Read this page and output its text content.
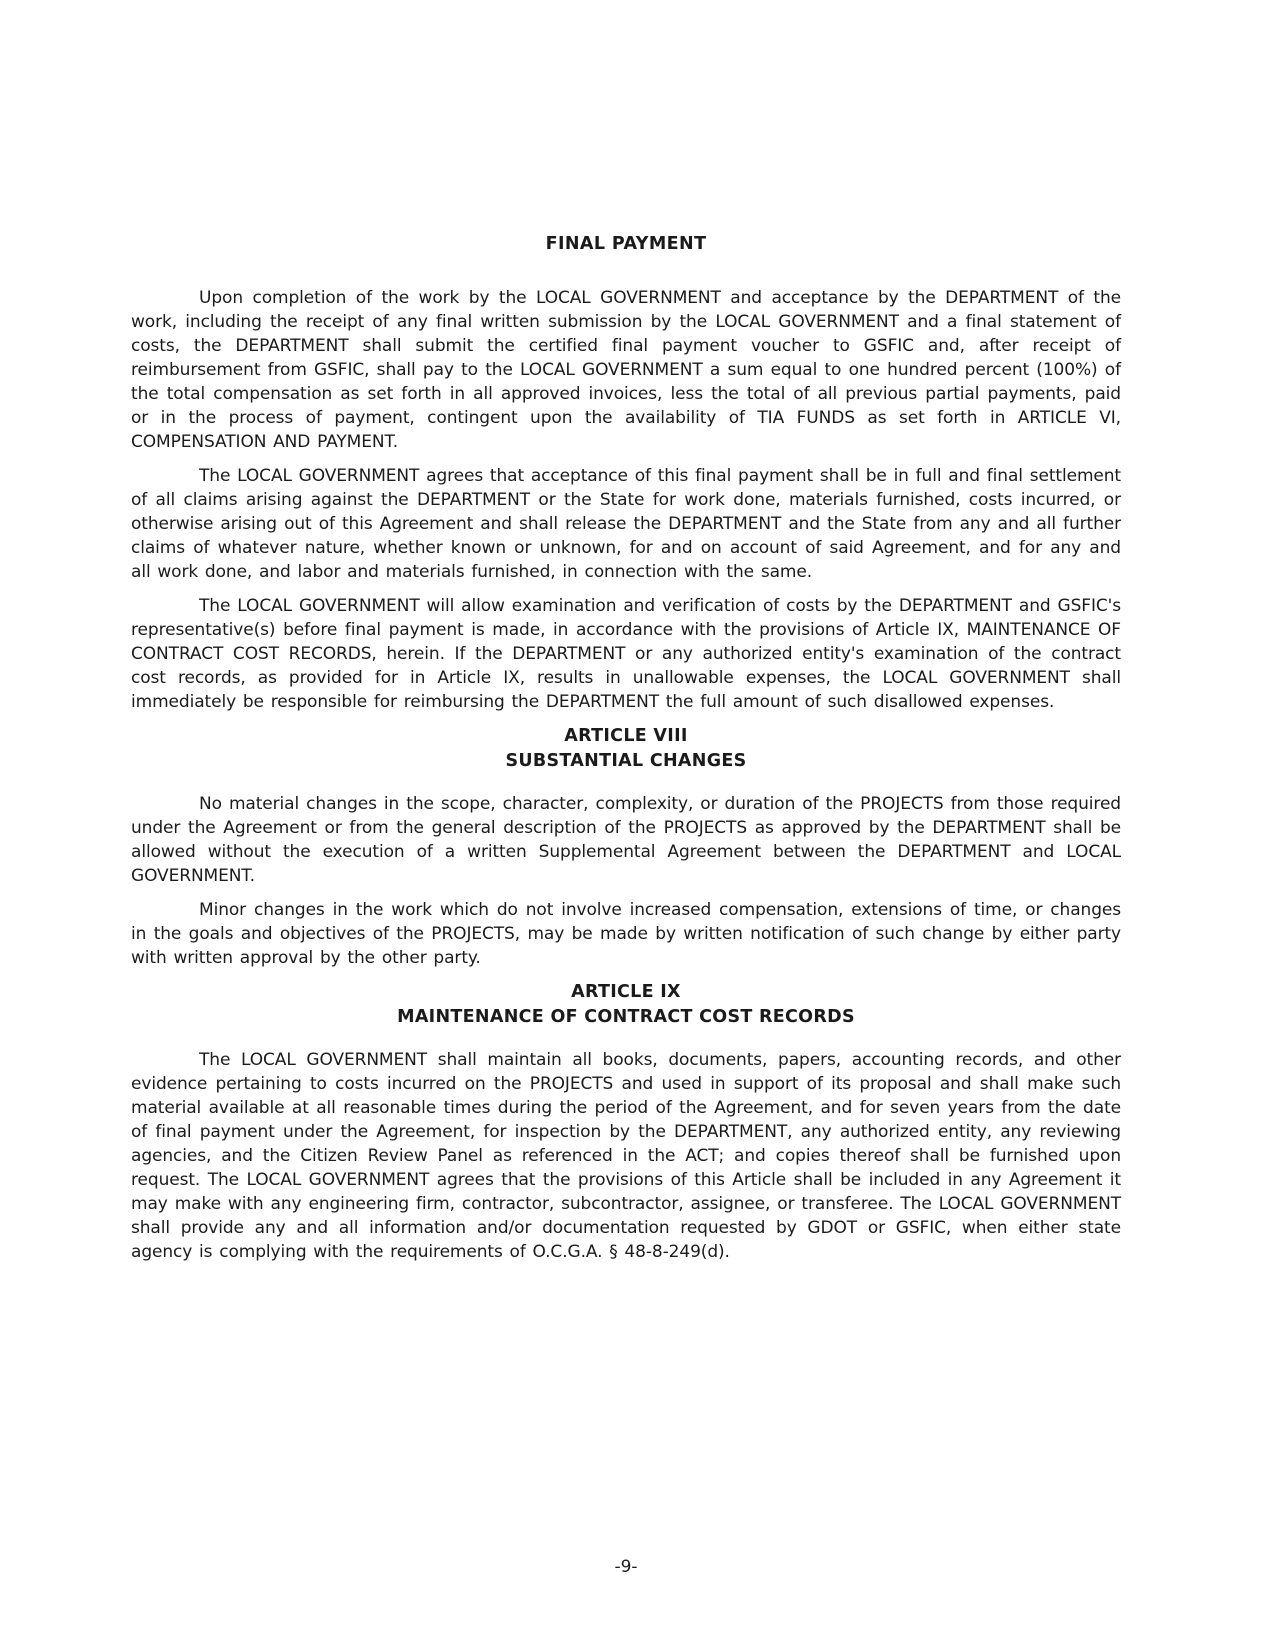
FINAL PAYMENT

Upon completion of the work by the LOCAL GOVERNMENT and acceptance by the DEPARTMENT of the work, including the receipt of any final written submission by the LOCAL GOVERNMENT and a final statement of costs, the DEPARTMENT shall submit the certified final payment voucher to GSFIC and, after receipt of reimbursement from GSFIC, shall pay to the LOCAL GOVERNMENT a sum equal to one hundred percent (100%) of the total compensation as set forth in all approved invoices, less the total of all previous partial payments, paid or in the process of payment, contingent upon the availability of TIA FUNDS as set forth in ARTICLE VI, COMPENSATION AND PAYMENT.

The LOCAL GOVERNMENT agrees that acceptance of this final payment shall be in full and final settlement of all claims arising against the DEPARTMENT or the State for work done, materials furnished, costs incurred, or otherwise arising out of this Agreement and shall release the DEPARTMENT and the State from any and all further claims of whatever nature, whether known or unknown, for and on account of said Agreement, and for any and all work done, and labor and materials furnished, in connection with the same.

The LOCAL GOVERNMENT will allow examination and verification of costs by the DEPARTMENT and GSFIC's representative(s) before final payment is made, in accordance with the provisions of Article IX, MAINTENANCE OF CONTRACT COST RECORDS, herein. If the DEPARTMENT or any authorized entity's examination of the contract cost records, as provided for in Article IX, results in unallowable expenses, the LOCAL GOVERNMENT shall immediately be responsible for reimbursing the DEPARTMENT the full amount of such disallowed expenses.

ARTICLE VIII
SUBSTANTIAL CHANGES

No material changes in the scope, character, complexity, or duration of the PROJECTS from those required under the Agreement or from the general description of the PROJECTS as approved by the DEPARTMENT shall be allowed without the execution of a written Supplemental Agreement between the DEPARTMENT and LOCAL GOVERNMENT.

Minor changes in the work which do not involve increased compensation, extensions of time, or changes in the goals and objectives of the PROJECTS, may be made by written notification of such change by either party with written approval by the other party.

ARTICLE IX
MAINTENANCE OF CONTRACT COST RECORDS

The LOCAL GOVERNMENT shall maintain all books, documents, papers, accounting records, and other evidence pertaining to costs incurred on the PROJECTS and used in support of its proposal and shall make such material available at all reasonable times during the period of the Agreement, and for seven years from the date of final payment under the Agreement, for inspection by the DEPARTMENT, any authorized entity, any reviewing agencies, and the Citizen Review Panel as referenced in the ACT; and copies thereof shall be furnished upon request. The LOCAL GOVERNMENT agrees that the provisions of this Article shall be included in any Agreement it may make with any engineering firm, contractor, subcontractor, assignee, or transferee. The LOCAL GOVERNMENT shall provide any and all information and/or documentation requested by GDOT or GSFIC, when either state agency is complying with the requirements of O.C.G.A. § 48-8-249(d).

-9-
